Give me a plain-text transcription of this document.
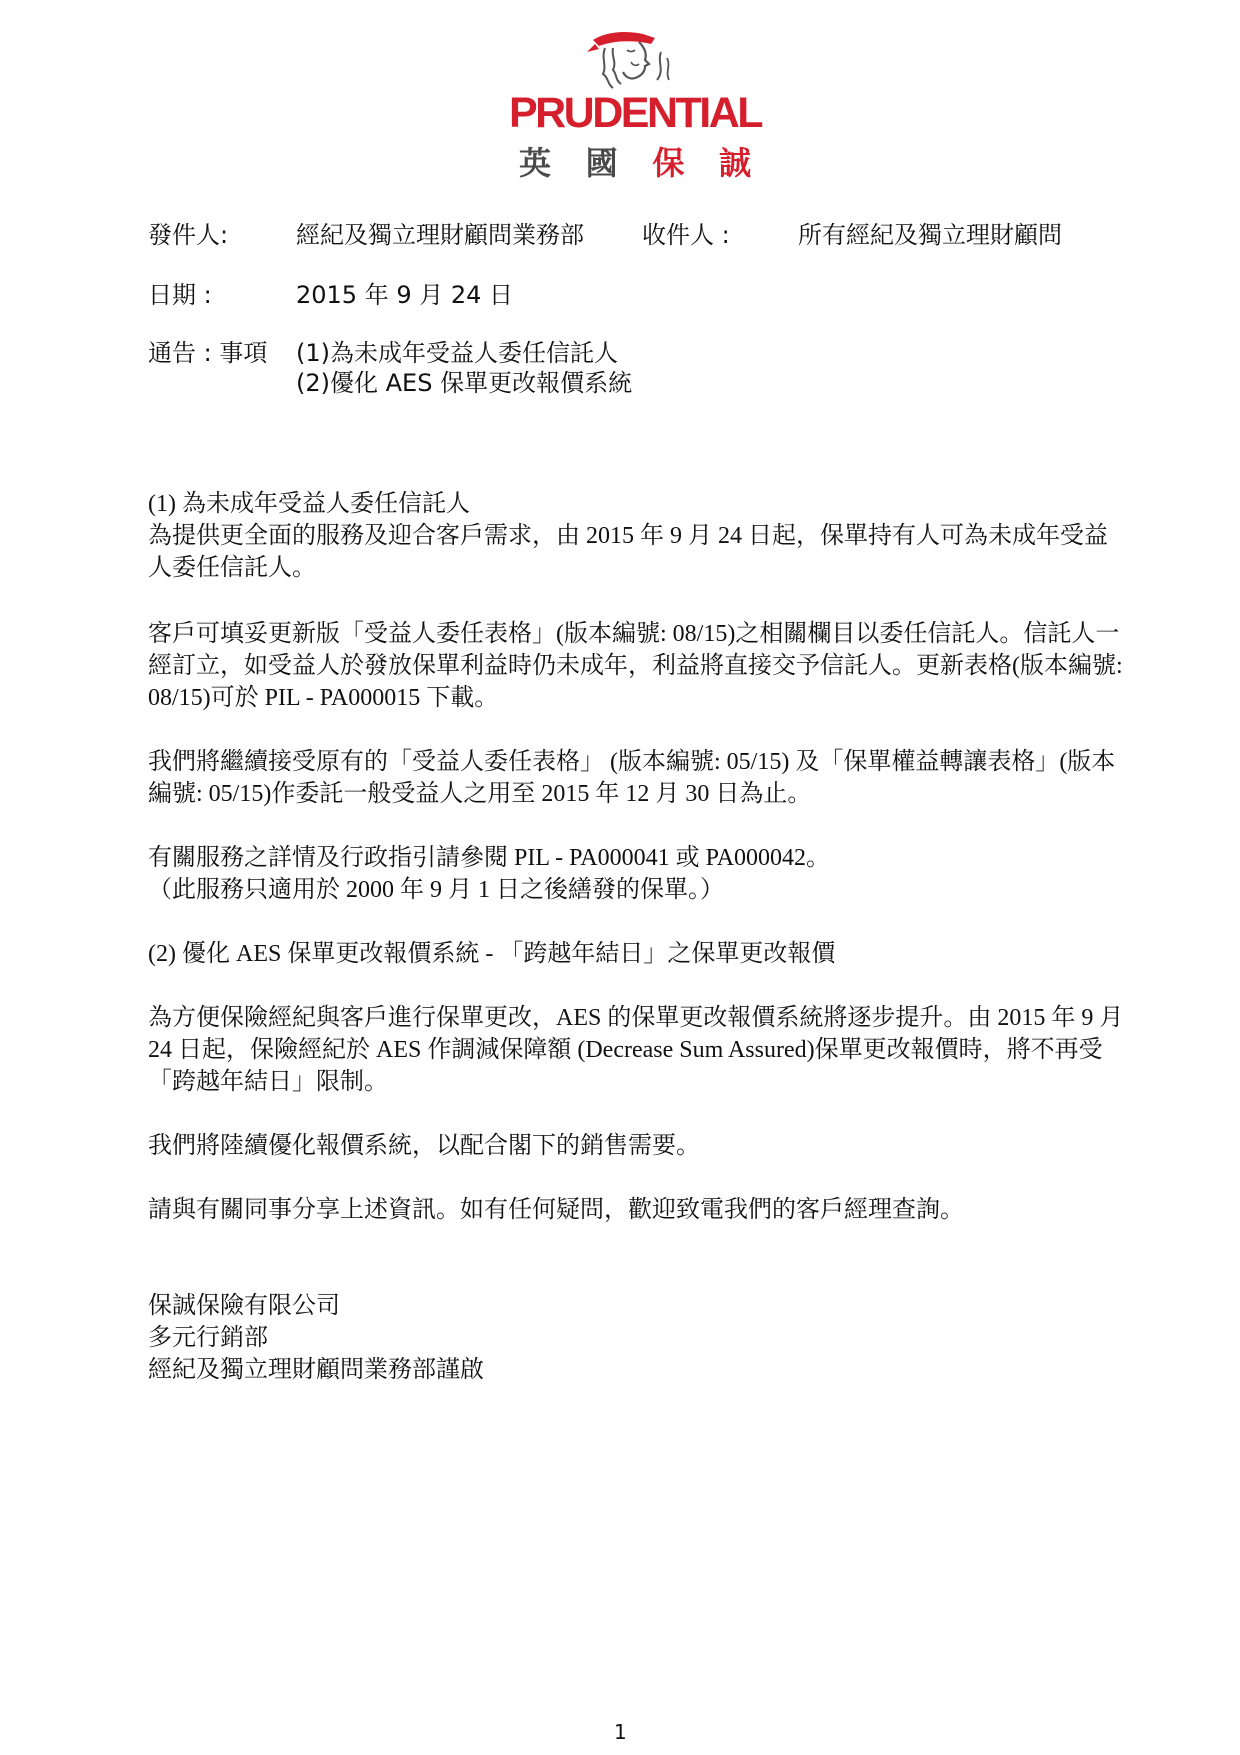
PRUDENTIAL
英 國 保 誠
發件人:	經紀及獨立理財顧問業務部 收件人 :	所有經紀及獨立理財顧問
日期 :	2015 年 9 月 24 日
通告 : 事項 (1)為未成年受益人委任信託人
(2)優化 AES 保單更改報價系統

(1) 為未成年受益人委任信託人

為提供更全面的服務及迎合客戶需求，由 2015 年 9 月 24 日起，保單持有人可為未成年受益人委任信託人。

客戶可填妥更新版「受益人委任表格」(版本編號: 08/15)之相關欄目以委任信託人。信託人一經訂立，如受益人於發放保單利益時仍未成年，利益將直接交予信託人。更新表格(版本編號: 08/15)可於 PIL - PA000015 下載。
我們將繼續接受原有的「受益人委任表格」 (版本編號: 05/15) 及「保單權益轉讓表格」(版本編號: 05/15)作委託一般受益人之用至 2015 年 12 月 30 日為止。

有關服務之詳情及行政指引請參閱 PIL - PA000041 或 PA000042。

（此服務只適用於 2000 年 9 月 1 日之後繕發的保單。）

(2) 優化 AES 保單更改報價系統 - 「跨越年結日」之保單更改報價
為方便保險經紀與客戶進行保單更改，AES 的保單更改報價系統將逐步提升。由 2015 年 9 月 24 日起，保險經紀於 AES 作調減保障額 (Decrease Sum Assured)保單更改報價時，將不再受「跨越年結日」限制。
我們將陸續優化報價系統，以配合閣下的銷售需要。
請與有關同事分享上述資訊。如有任何疑問，歡迎致電我們的客戶經理查詢。

保誠保險有限公司

多元行銷部

經紀及獨立理財顧問業務部謹啟

1
